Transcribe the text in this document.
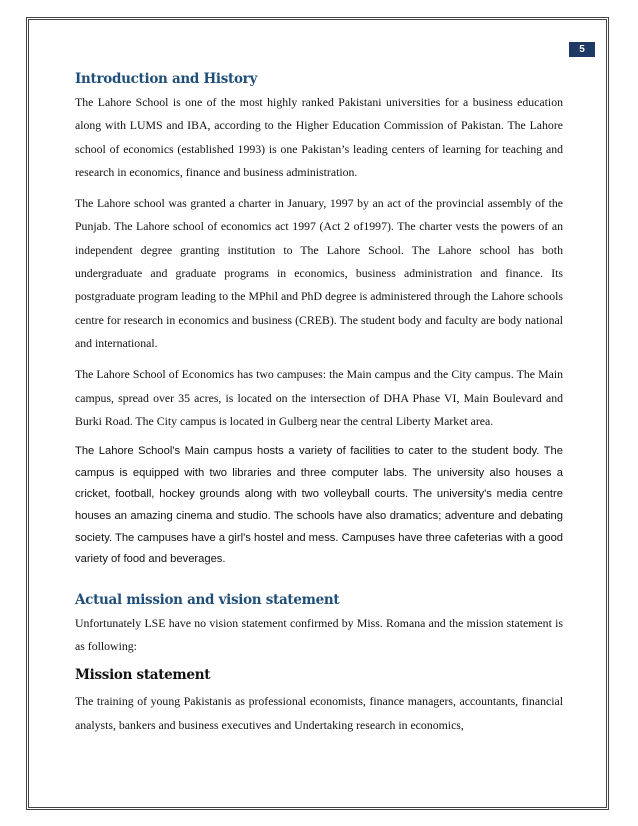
5
Introduction and History

The Lahore School is one of the most highly ranked Pakistani universities for a business education along with LUMS and IBA, according to the Higher Education Commission of Pakistan. The Lahore school of economics (established 1993) is one Pakistan’s leading centers of learning for teaching and research in economics, finance and business administration.

The Lahore school was granted a charter in January, 1997 by an act of the provincial assembly of the Punjab. The Lahore school of economics act 1997 (Act 2 of1997). The charter vests the powers of an independent degree granting institution to The Lahore School. The Lahore school has both undergraduate and graduate programs in economics, business administration and finance. Its postgraduate program leading to the MPhil and PhD degree is administered through the Lahore schools centre for research in economics and business (CREB). The student body and faculty are body national and international.

The Lahore School of Economics has two campuses: the Main campus and the City campus. The Main campus, spread over 35 acres, is located on the intersection of DHA Phase VI, Main Boulevard and Burki Road. The City campus is located in Gulberg near the central Liberty Market area.

The Lahore School's Main campus hosts a variety of facilities to cater to the student body. The campus is equipped with two libraries and three computer labs. The university also houses a cricket, football, hockey grounds along with two volleyball courts. The university's media centre houses an amazing cinema and studio. The schools have also dramatics; adventure and debating society. The campuses have a girl's hostel and mess. Campuses have three cafeterias with a good variety of food and beverages.

Actual mission and vision statement

Unfortunately LSE have no vision statement confirmed by Miss. Romana and the mission statement is as following:

Mission statement

The training of young Pakistanis as professional economists, finance managers, accountants, financial analysts, bankers and business executives and Undertaking research in economics,
